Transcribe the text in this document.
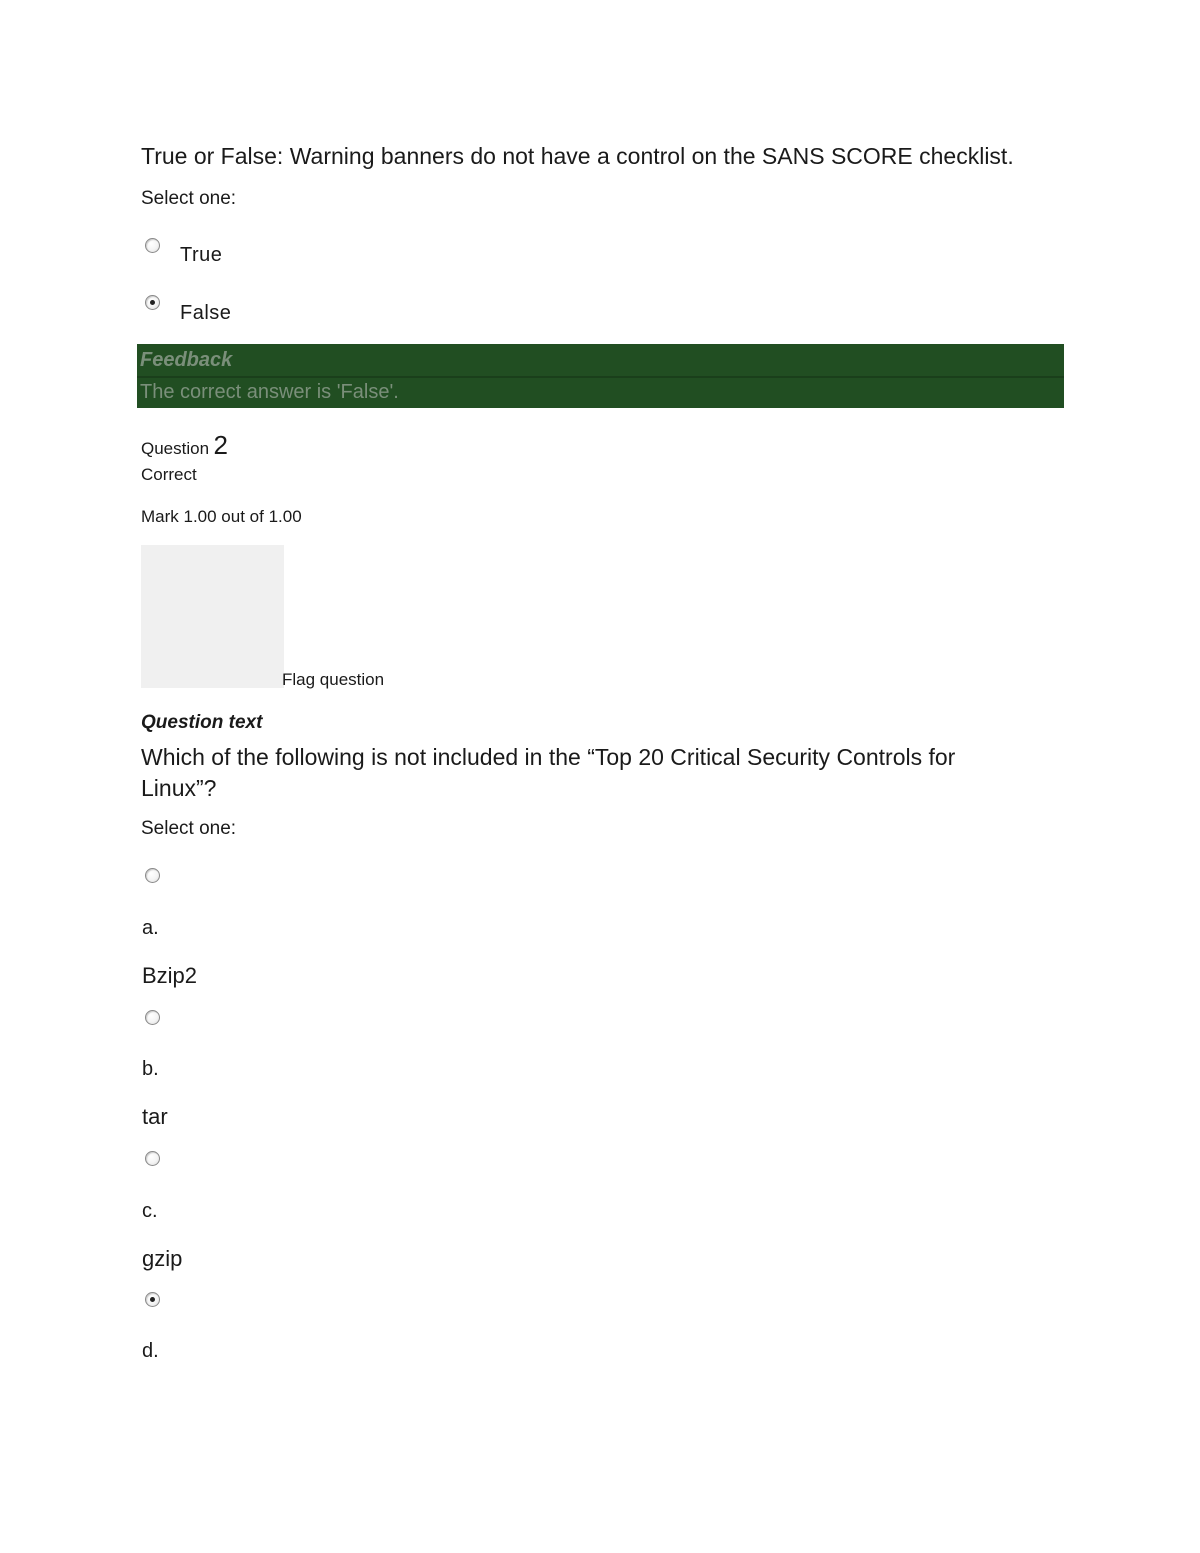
True or False: Warning banners do not have a control on the SANS SCORE checklist.
Select one:
True
False
Feedback
The correct answer is 'False'.
Question 2
Correct
Mark 1.00 out of 1.00
Flag question
Question text
Which of the following is not included in the “Top 20 Critical Security Controls for Linux”?
Select one:
a.
Bzip2
b.
tar
c.
gzip
d.
